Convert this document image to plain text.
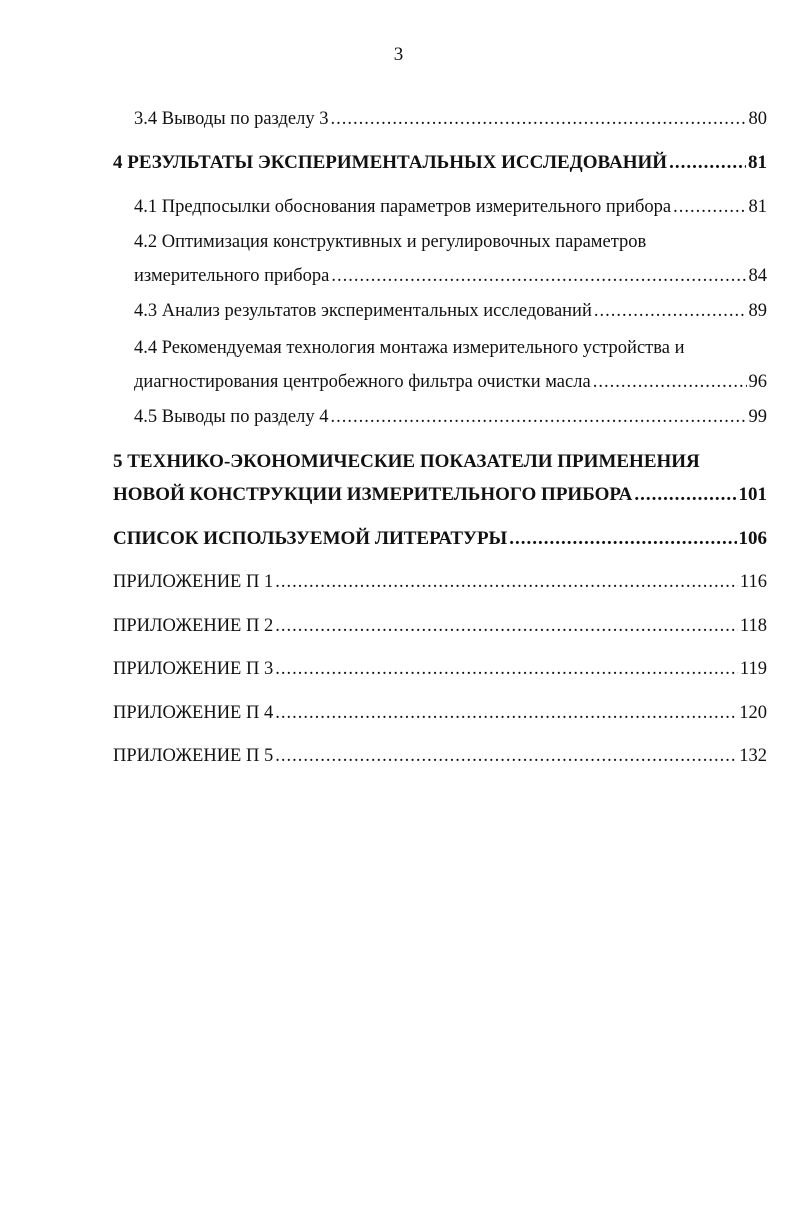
3
3.4 Выводы по разделу 3 .....	80
4 РЕЗУЛЬТАТЫ ЭКСПЕРИМЕНТАЛЬНЫХ ИССЛЕДОВАНИЙ .....	81
4.1 Предпосылки обоснования параметров измерительного прибора .....	81
4.2 Оптимизация конструктивных и регулировочных параметров
измерительного прибора .....	84
4.3 Анализ результатов экспериментальных исследований .....	89
4.4 Рекомендуемая технология монтажа измерительного устройства и
диагностирования центробежного фильтра очистки масла .....	96
4.5 Выводы по разделу 4 .....	99
5 ТЕХНИКО-ЭКОНОМИЧЕСКИЕ ПОКАЗАТЕЛИ ПРИМЕНЕНИЯ
НОВОЙ КОНСТРУКЦИИ ИЗМЕРИТЕЛЬНОГО ПРИБОРА .....	101
СПИСОК ИСПОЛЬЗУЕМОЙ ЛИТЕРАТУРЫ .....	106
ПРИЛОЖЕНИЕ П 1 .....	116
ПРИЛОЖЕНИЕ П 2 .....	118
ПРИЛОЖЕНИЕ П 3 .....	119
ПРИЛОЖЕНИЕ П 4 .....	120
ПРИЛОЖЕНИЕ П 5 .....	132
